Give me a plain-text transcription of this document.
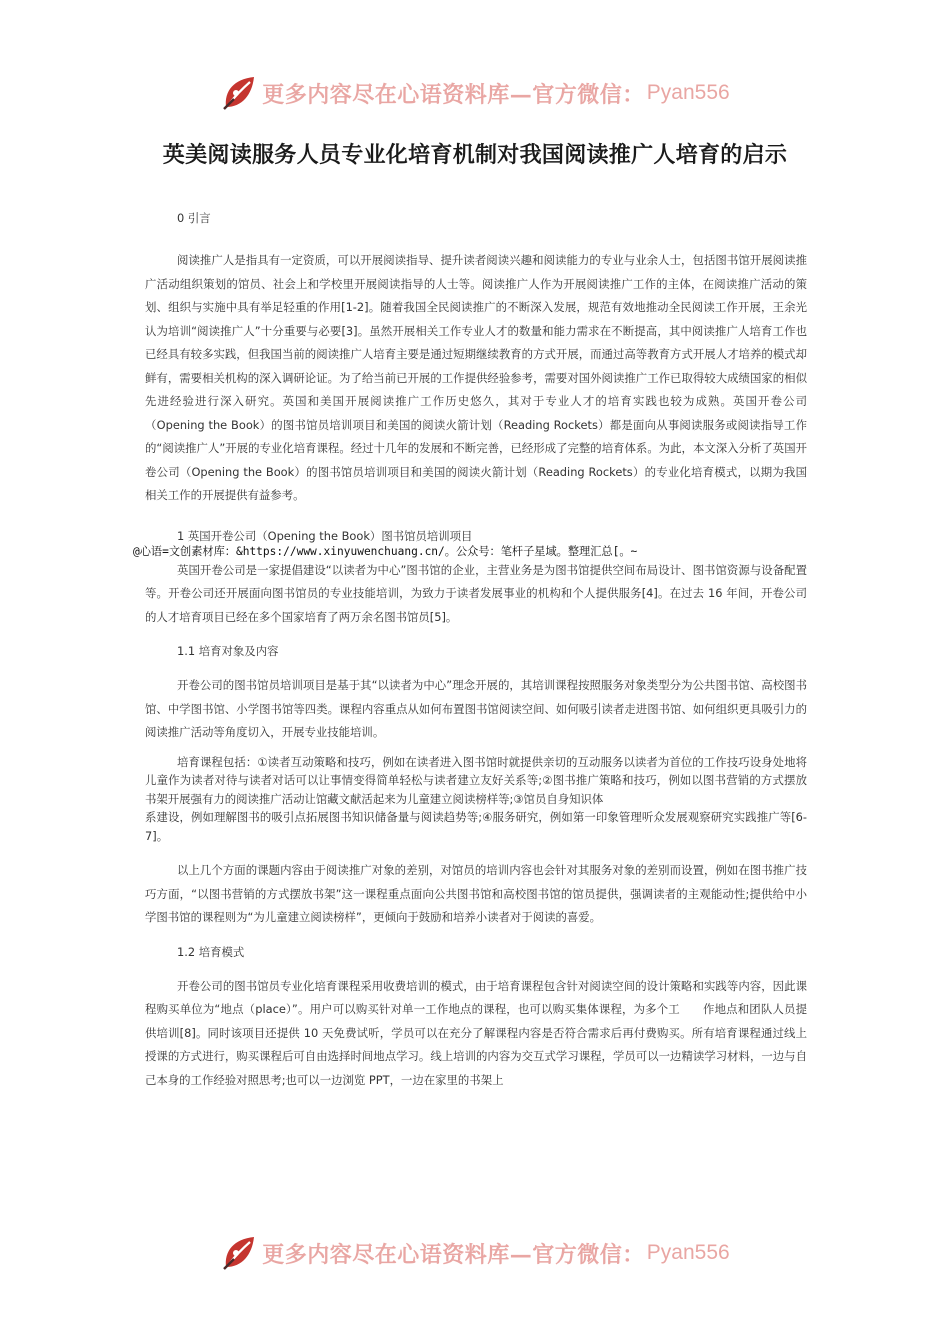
更多内容尽在心语资料库—官方微信： Pyan556
英美阅读服务人员专业化培育机制对我国阅读推广人培育的启示
0 引言

阅读推广人是指具有一定资质，可以开展阅读指导、提升读者阅读兴趣和阅读能力的专业与业余人士，包括图书馆开展阅读推广活动组织策划的馆员、社会上和学校里开展阅读指导的人士等。阅读推广人作为开展阅读推广工作的主体，在阅读推广活动的策划、组织与实施中具有举足轻重的作用[1-2]。随着我国全民阅读推广的不断深入发展，规范有效地推动全民阅读工作开展，王余光认为培训“阅读推广人”十分重要与必要[3]。虽然开展相关工作专业人才的数量和能力需求在不断提高，其中阅读推广人培育工作也已经具有较多实践，但我国当前的阅读推广人培育主要是通过短期继续教育的方式开展，而通过高等教育方式开展人才培养的模式却鲜有，需要相关机构的深入调研论证。为了给当前已开展的工作提供经验参考，需要对国外阅读推广工作已取得较大成绩国家的相似先进经验进行深入研究。英国和美国开展阅读推广工作历史悠久，其对于专业人才的培育实践也较为成熟。英国开卷公司（Opening the Book）的图书馆员培训项目和美国的阅读火箭计划（Reading Rockets）都是面向从事阅读服务或阅读指导工作的“阅读推广人”开展的专业化培育课程。经过十几年的发展和不断完善，已经形成了完整的培育体系。为此，本文深入分析了英国开卷公司（Opening the Book）的图书馆员培训项目和美国的阅读火箭计划（Reading Rockets）的专业化培育模式，以期为我国相关工作的开展提供有益参考。

1 英国开卷公司（Opening the Book）图书馆员培训项目
@心语=文创素材库：&https://www.xinyuwenchuang.cn/。公众号：笔杆子星域。整理汇总[。~

英国开卷公司是一家提倡建设“以读者为中心”图书馆的企业，主营业务是为图书馆提供空间布局设计、图书馆资源与设备配置等。开卷公司还开展面向图书馆员的专业技能培训，为致力于读者发展事业的机构和个人提供服务[4]。在过去 16 年间，开卷公司的人才培育项目已经在多个国家培育了两万余名图书馆员[5]。

1.1 培育对象及内容

开卷公司的图书馆员培训项目是基于其“以读者为中心”理念开展的，其培训课程按照服务对象类型分为公共图书馆、高校图书馆、中学图书馆、小学图书馆等四类。课程内容重点从如何布置图书馆阅读空间、如何吸引读者走进图书馆、如何组织更具吸引力的阅读推广活动等角度切入，开展专业技能培训。

培育课程包括：①读者互动策略和技巧，例如在读者进入图书馆时就提供亲切的互动服务以读者为首位的工作技巧设身处地将儿童作为读者对待与读者对话可以让事情变得简单轻松与读者建立友好关系等;②图书推广策略和技巧，例如以图书营销的方式摆放书架开展强有力的阅读推广活动让馆藏文献活起来为儿童建立阅读榜样等;③馆员自身知识体

系建设，例如理解图书的吸引点拓展图书知识储备量与阅读趋势等;④服务研究，例如第一印象管理听众发展观察研究实践推广等[6-7]。

以上几个方面的课题内容由于阅读推广对象的差别，对馆员的培训内容也会针对其服务对象的差别而设置，例如在图书推广技巧方面，“以图书营销的方式摆放书架”这一课程重点面向公共图书馆和高校图书馆的馆员提供，强调读者的主观能动性;提供给中小学图书馆的课程则为“为儿童建立阅读榜样”，更倾向于鼓励和培养小读者对于阅读的喜爱。

1.2 培育模式

开卷公司的图书馆员专业化培育课程采用收费培训的模式，由于培育课程包含针对阅读空间的设计策略和实践等内容，因此课程购买单位为“地点（place）”。用户可以购买针对单一工作地点的课程，也可以购买集体课程，为多个工　　作地点和团队人员提供培训[8]。同时该项目还提供 10 天免费试听，学员可以在充分了解课程内容是否符合需求后再付费购买。所有培育课程通过线上授课的方式进行，购买课程后可自由选择时间地点学习。线上培训的内容为交互式学习课程，学员可以一边精读学习材料，一边与自己本身的工作经验对照思考;也可以一边浏览 PPT，一边在家里的书架上

更多内容尽在心语资料库—官方微信： Pyan556
